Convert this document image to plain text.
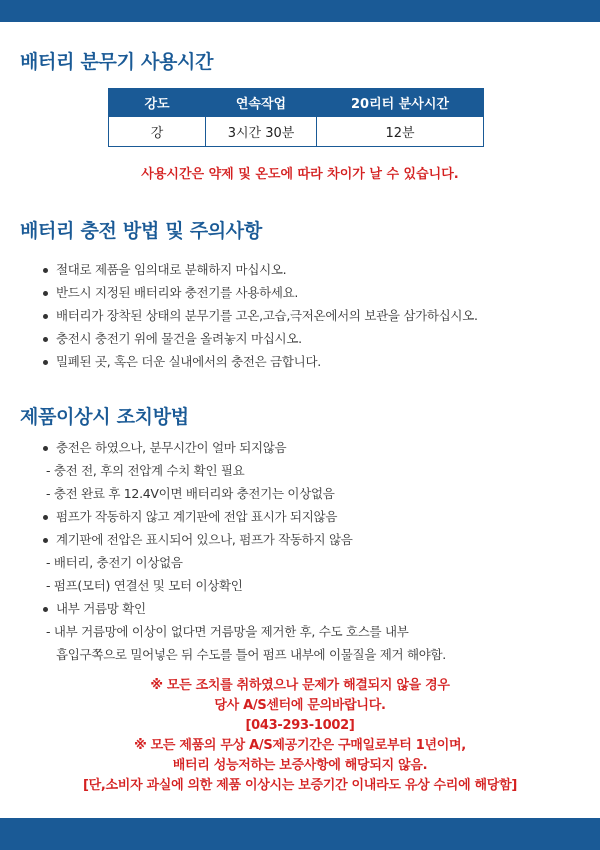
배터리 분무기 사용시간
강도	연속작업	20리터 분사시간
강	3시간 30분	12분
사용시간은 약제 및 온도에 따라 차이가 날 수 있습니다.
배터리 충전 방법 및 주의사항
절대로 제품을 임의대로 분해하지 마십시오.
반드시 지정된 배터리와 충전기를 사용하세요.
배터리가 장착된 상태의 분무기를 고온,고습,극저온에서의 보관을 삼가하십시오.
충전시 충전기 위에 물건을 올려놓지 마십시오.
밀폐된 곳, 혹은 더운 실내에서의 충전은 금합니다.
제품이상시 조치방법
충전은 하였으나, 분무시간이 얼마 되지않음
- 충전 전, 후의 전압계 수치 확인 필요
- 충전 완료 후 12.4V이면 배터리와 충전기는 이상없음
펌프가 작동하지 않고 계기판에 전압 표시가 되지않음
계기판에 전압은 표시되어 있으나, 펌프가 작동하지 않음
- 배터리, 충전기 이상없음
- 펌프(모터) 연결선 및 모터 이상확인
내부 거름망 확인
- 내부 거름망에 이상이 없다면 거름망을 제거한 후, 수도 호스를 내부
흡입구쪽으로 밀어넣은 뒤 수도를 틀어 펌프 내부에 이물질을 제거 해야함.
※ 모든 조치를 취하였으나 문제가 해결되지 않을 경우
당사 A/S센터에 문의바랍니다.
[043-293-1002]
※ 모든 제품의 무상 A/S제공기간은 구매일로부터 1년이며,
배터리 성능저하는 보증사항에 해당되지 않음.
[단,소비자 과실에 의한 제품 이상시는 보증기간 이내라도 유상 수리에 해당함]
